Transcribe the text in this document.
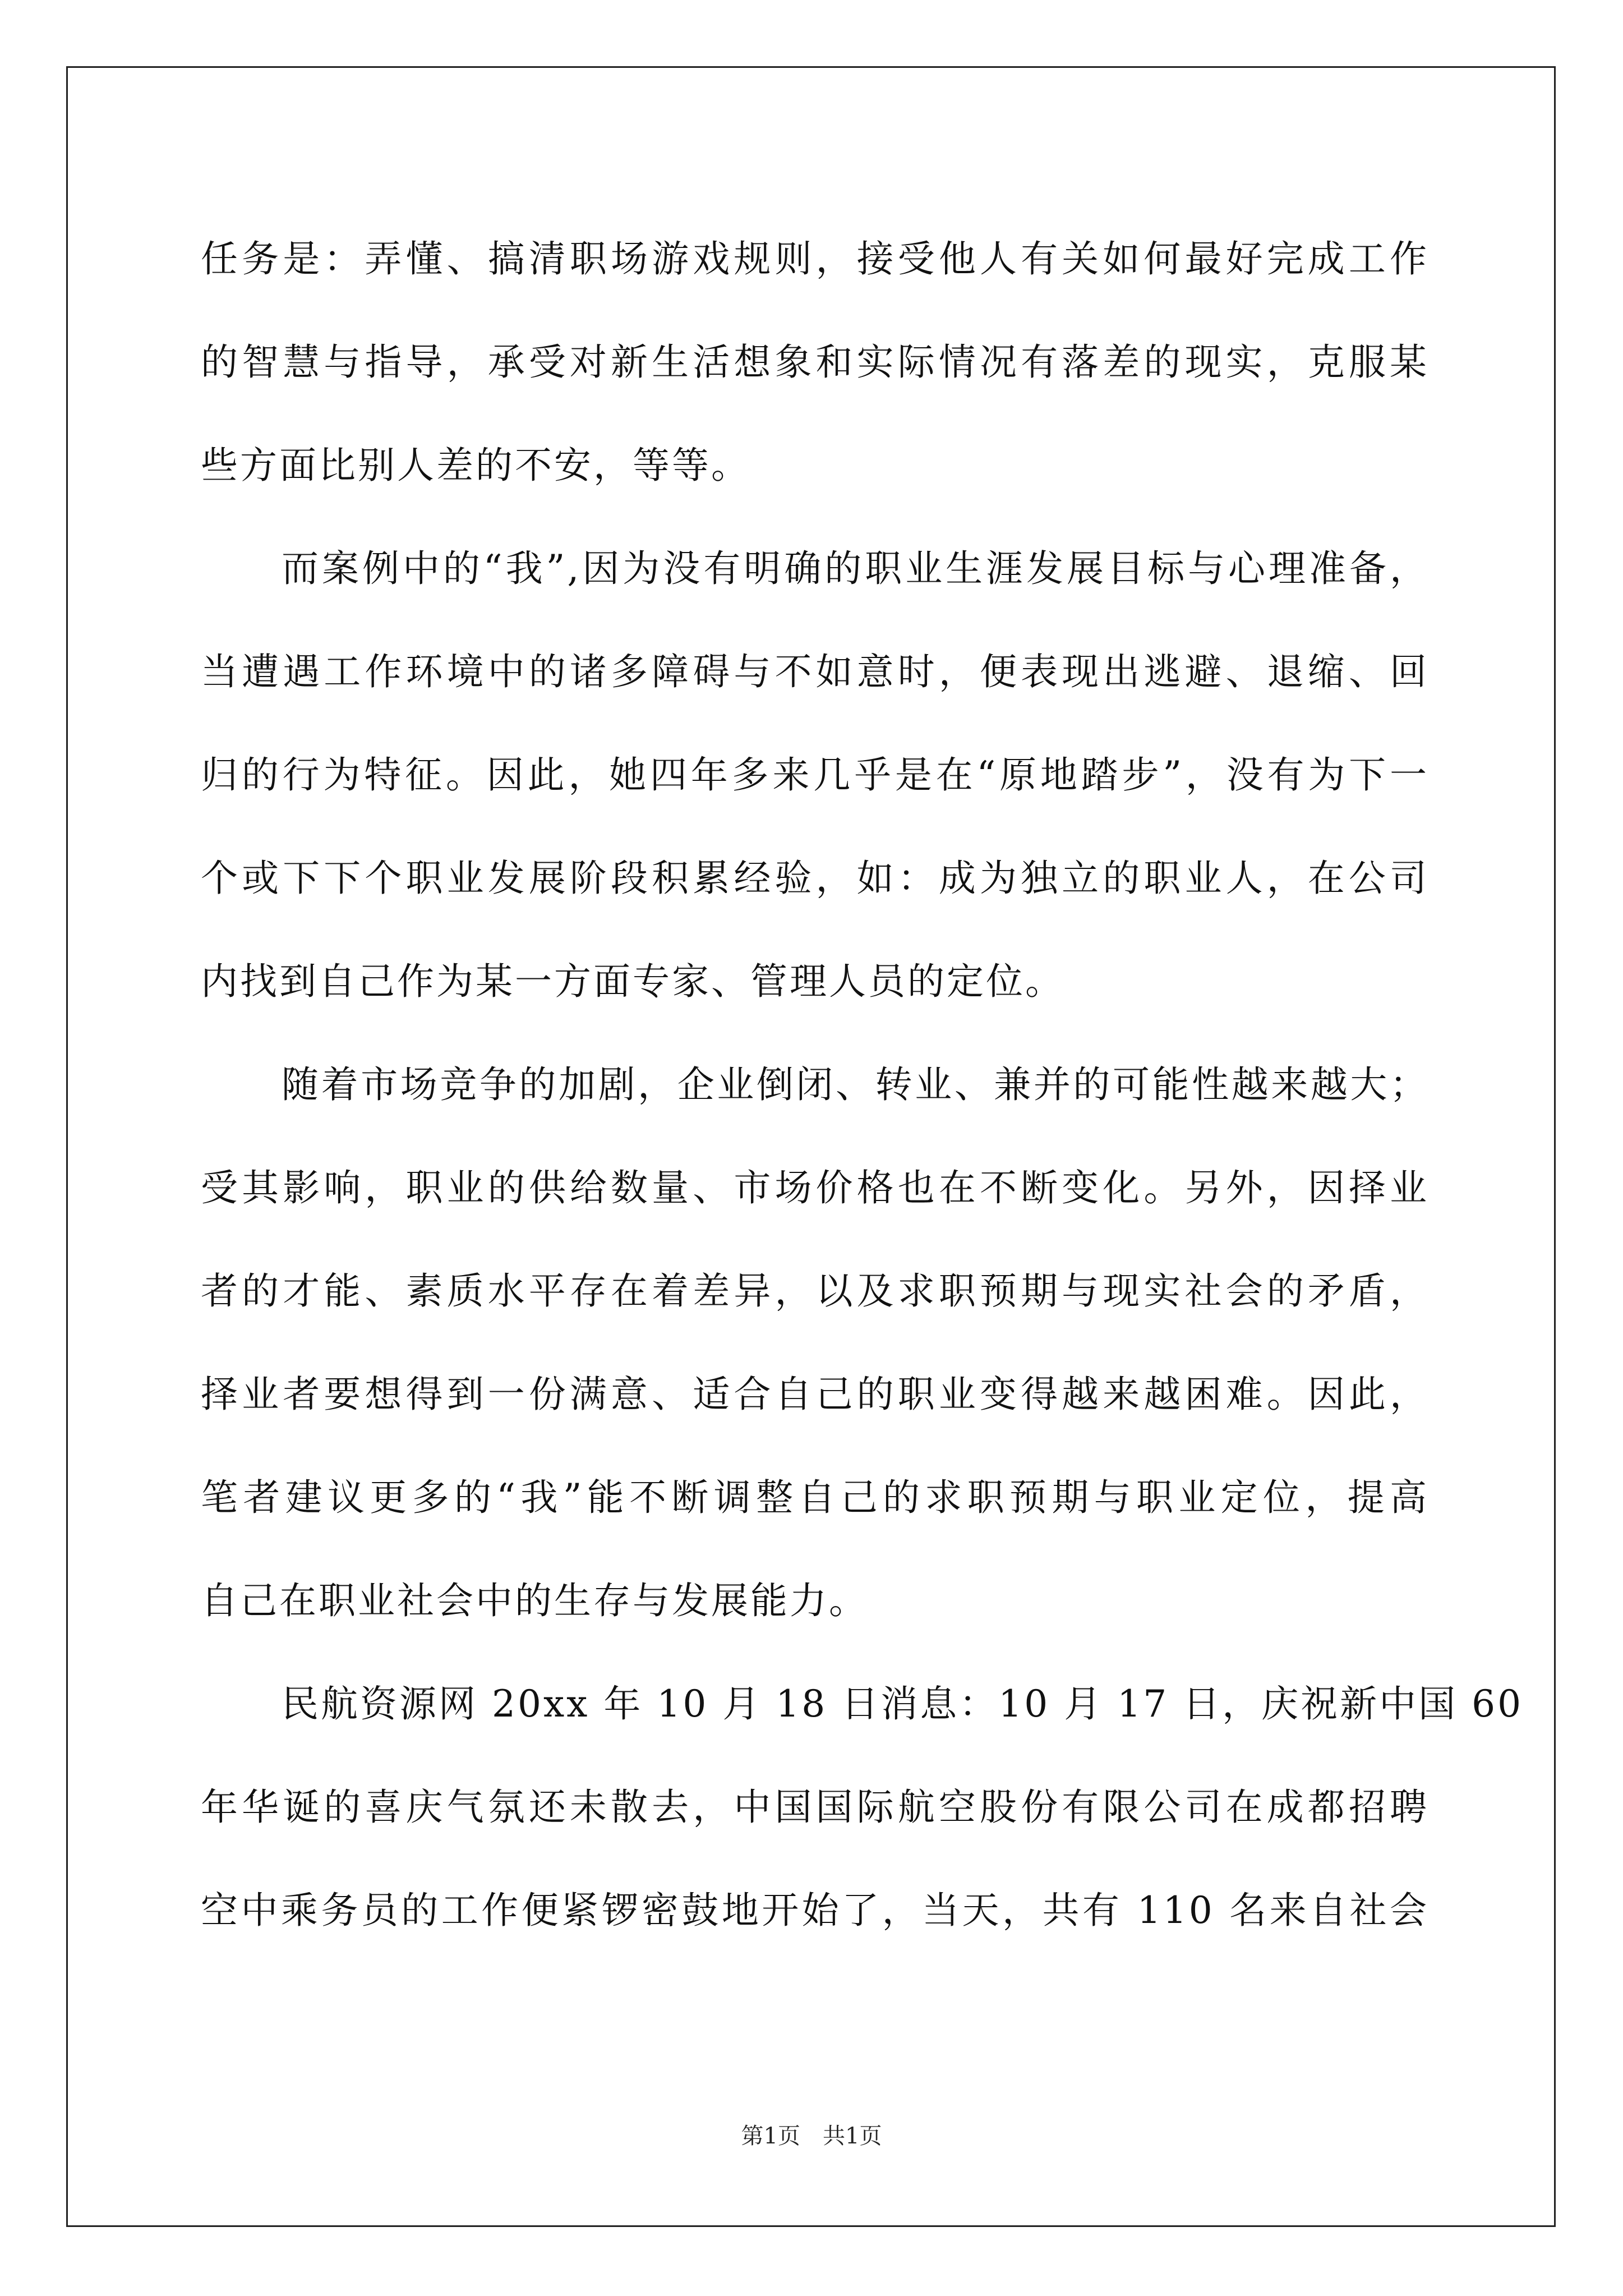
任务是：弄懂、搞清职场游戏规则，接受他人有关如何最好完成工作
的智慧与指导，承受对新生活想象和实际情况有落差的现实，克服某
些方面比别人差的不安，等等。
而案例中的“我”,因为没有明确的职业生涯发展目标与心理准备，
当遭遇工作环境中的诸多障碍与不如意时，便表现出逃避、退缩、回
归的行为特征。因此，她四年多来几乎是在“原地踏步”，没有为下一
个或下下个职业发展阶段积累经验，如：成为独立的职业人，在公司
内找到自己作为某一方面专家、管理人员的定位。
随着市场竞争的加剧，企业倒闭、转业、兼并的可能性越来越大；
受其影响，职业的供给数量、市场价格也在不断变化。另外，因择业
者的才能、素质水平存在着差异，以及求职预期与现实社会的矛盾，
择业者要想得到一份满意、适合自己的职业变得越来越困难。因此，
笔者建议更多的“我”能不断调整自己的求职预期与职业定位，提高
自己在职业社会中的生存与发展能力。
民航资源网 20xx 年 10 月 18 日消息：10 月 17 日，庆祝新中国 60
年华诞的喜庆气氛还未散去，中国国际航空股份有限公司在成都招聘
空中乘务员的工作便紧锣密鼓地开始了，当天，共有 110 名来自社会
第1页 共1页
